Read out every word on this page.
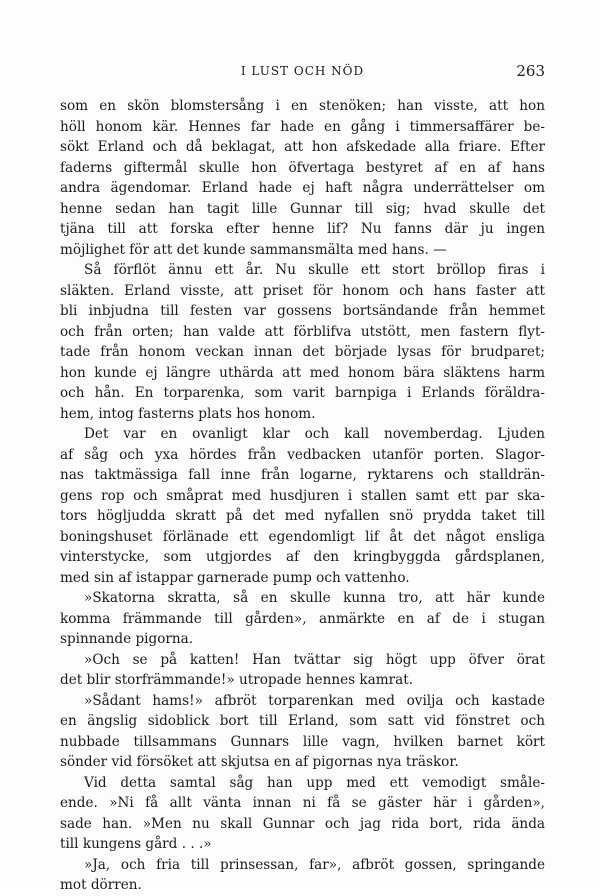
I LUST OCH NÖD	263
som en skön blomstersång i en stenöken; han visste, att hon
höll honom kär. Hennes far hade en gång i timmersaffärer be-
sökt Erland och då beklagat, att hon afskedade alla friare. Efter
faderns giftermål skulle hon öfvertaga bestyret af en af hans
andra ägendomar. Erland hade ej haft några underrättelser om
henne sedan han tagit lille Gunnar till sig; hvad skulle det
tjäna till att forska efter henne lif? Nu fanns där ju ingen
möjlighet för att det kunde sammansmälta med hans. —
Så förflöt ännu ett år. Nu skulle ett stort bröllop firas i
släkten. Erland visste, att priset för honom och hans faster att
bli inbjudna till festen var gossens bortsändande från hemmet
och från orten; han valde att förblifva utstött, men fastern flyt-
tade från honom veckan innan det började lysas för brudparet;
hon kunde ej längre uthärda att med honom bära släktens harm
och hån. En torparenka, som varit barnpiga i Erlands föräldra-
hem, intog fasterns plats hos honom.
Det var en ovanligt klar och kall novemberdag. Ljuden
af såg och yxa hördes från vedbacken utanför porten. Slagor-
nas taktmässiga fall inne från logarne, ryktarens och stalldrän-
gens rop och småprat med husdjuren i stallen samt ett par ska-
tors högljudda skratt på det med nyfallen snö prydda taket till
boningshuset förlänade ett egendomligt lif åt det något ensliga
vinterstycke, som utgjordes af den kringbyggda gårdsplanen,
med sin af istappar garnerade pump och vattenho.
»Skatorna skratta, så en skulle kunna tro, att här kunde
komma främmande till gården», anmärkte en af de i stugan
spinnande pigorna.
»Och se på katten! Han tvättar sig högt upp öfver örat
det blir storfrämmande!» utropade hennes kamrat.
»Sådant hams!» afbröt torparenkan med ovilja och kastade
en ängslig sidoblick bort till Erland, som satt vid fönstret och
nubbade tillsammans Gunnars lille vagn, hvilken barnet kört
sönder vid försöket att skjutsa en af pigornas nya träskor.
Vid detta samtal såg han upp med ett vemodigt småle-
ende. »Ni få allt vänta innan ni få se gäster här i gården»,
sade han. »Men nu skall Gunnar och jag rida bort, rida ända
till kungens gård . . .»
»Ja, och fria till prinsessan, far», afbröt gossen, springande
mot dörren.
